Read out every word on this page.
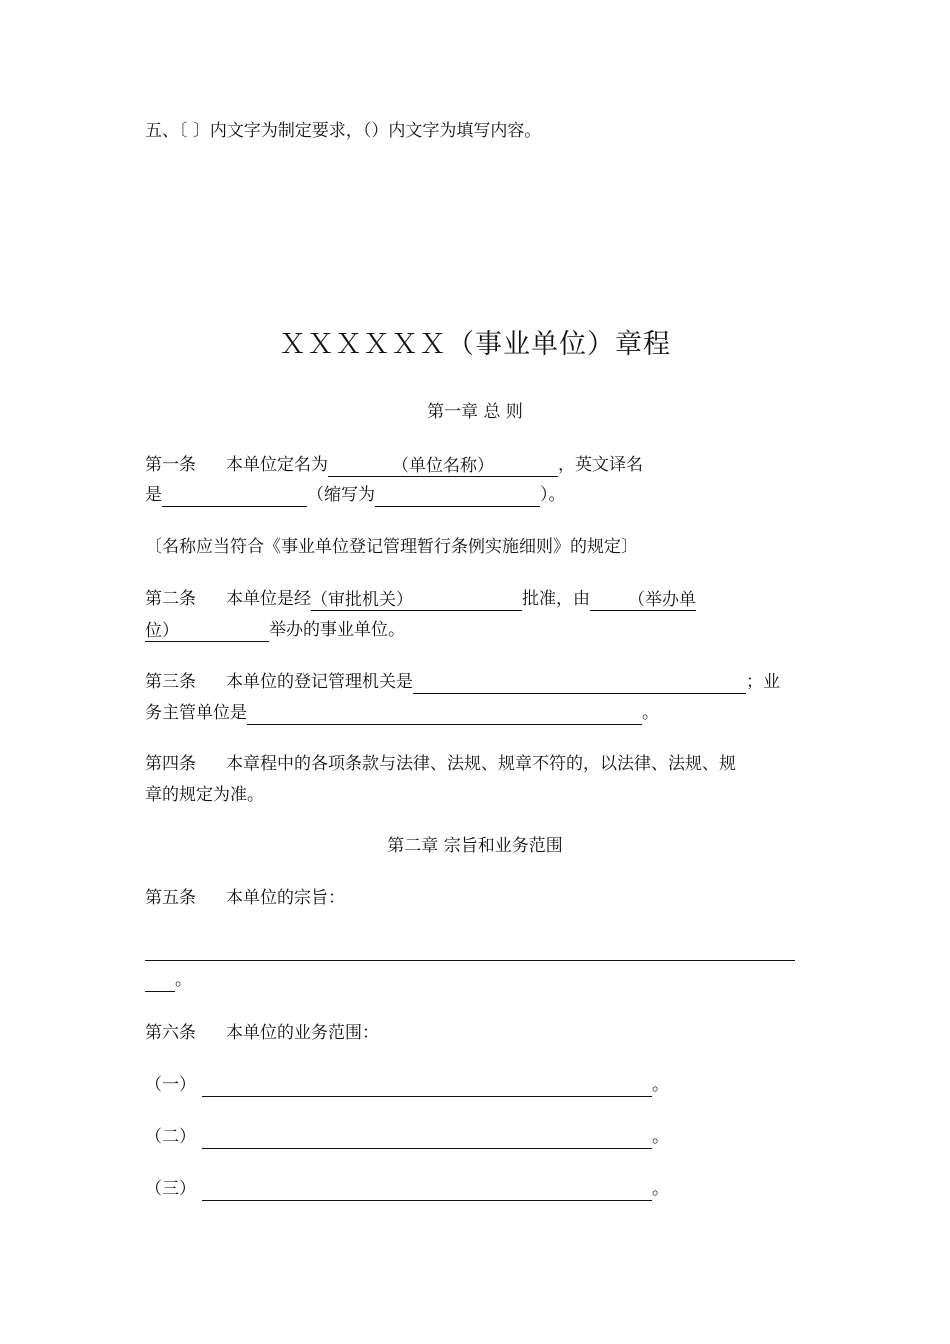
五、〔 〕内文字为制定要求，（）内文字为填写内容。
ＸＸＸＸＸＸ（事业单位）章程
第一章 总 则
第一条 本单位定名为	（单位名称）	，英文译名
是	（缩写为	）。
〔名称应当符合《事业单位登记管理暂行条例实施细则》的规定〕
第二条 本单位是经（审批机关）	批准，由 （举办单
位）	举办的事业单位。
第三条 本单位的登记管理机关是	；业
务主管单位是	。
第四条 本章程中的各项条款与法律、法规、规章不符的，以法律、法规、规
章的规定为准。
第二章 宗旨和业务范围
第五条 本单位的宗旨：
。
第六条 本单位的业务范围：
（一）	。
（二）	。
（三）	。
